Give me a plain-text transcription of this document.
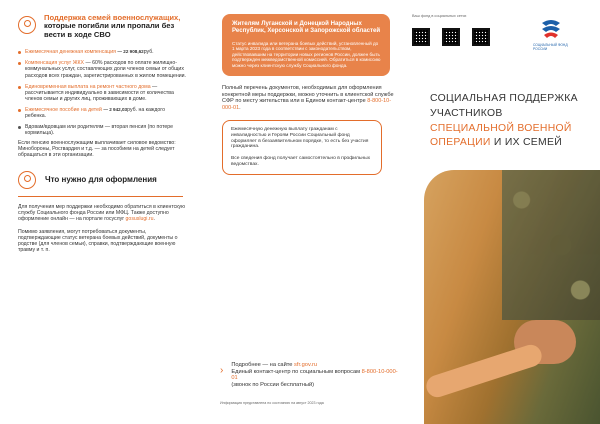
Поддержка семей военнослужащих, которые погибли или пропали без вести в ходе СВО
Ежемесячная денежная компенсация — 22 908,62руб.
Компенсация услуг ЖКХ — 60% расходов по оплате жилищно-коммунальных услуг, составляющих доли членов семьи от общих расходов всех граждан, зарегистрированных в жилом помещении.
Единовременная выплата на ремонт частного дома — рассчитывается индивидуально в зависимости от количества членов семьи и других лиц, проживающих в доме.
Ежемесячное пособие на детей — 2 942,03руб. на каждого ребенка.
Вдовам/вдовцам или родителям — вторая пенсия (по потере кормильца).

Если пенсию военнослужащим выплачивает силовое ведомство: Минобороны, Росгвардия и т.д. — за пособием на детей следует обращаться в эти организации.

Что нужно для оформления

Для получения мер поддержки необходимо обратиться в клиентскую службу Социального фонда России или МФЦ. Также доступно оформление онлайн — на портале госуслуг gosuslugi.ru.

Помимо заявления, могут потребоваться документы, подтверждающие статус ветерана боевых действий, документы о родстве (для членов семьи), справки, подтверждающие военную травму и т. п.

Жителям Луганской и Донецкой Народных Республик, Херсонской и Запорожской областей
Статус инвалида или ветерана боевых действий, установленный до 1 марта 2023 года в соответствии с законодательством, действовавшим на территории новых регионов России, должен быть подтвержден межведомственной комиссией. Обратиться в комиссию можно через клиентскую службу Социального фонда.

Полный перечень документов, необходимых для оформления конкретной меры поддержки, можно уточнить в клиентской службе СФР по месту жительства или в Едином контакт-центре 8-800-10-000-01.

Ежемесячную денежную выплату гражданам с инвалидностью и Героям России Социальный фонд оформляет в беззаявительном порядке, то есть без участия гражданина.

Все сведения фонд получает самостоятельно в профильных ведомствах.

› Подробнее — на сайте sfr.gov.ru
Единый контакт-центр по социальным вопросам 8-800-10-000-01
(звонок по России бесплатный)
Информация представлена по состоянию на август 2023 года
Ваш фонд в социальных сетях
СОЦИАЛЬНЫЙ ФОНД РОССИИ
СОЦИАЛЬНАЯ ПОДДЕРЖКА УЧАСТНИКОВ СПЕЦИАЛЬНОЙ ВОЕННОЙ ОПЕРАЦИИ И ИХ СЕМЕЙ
